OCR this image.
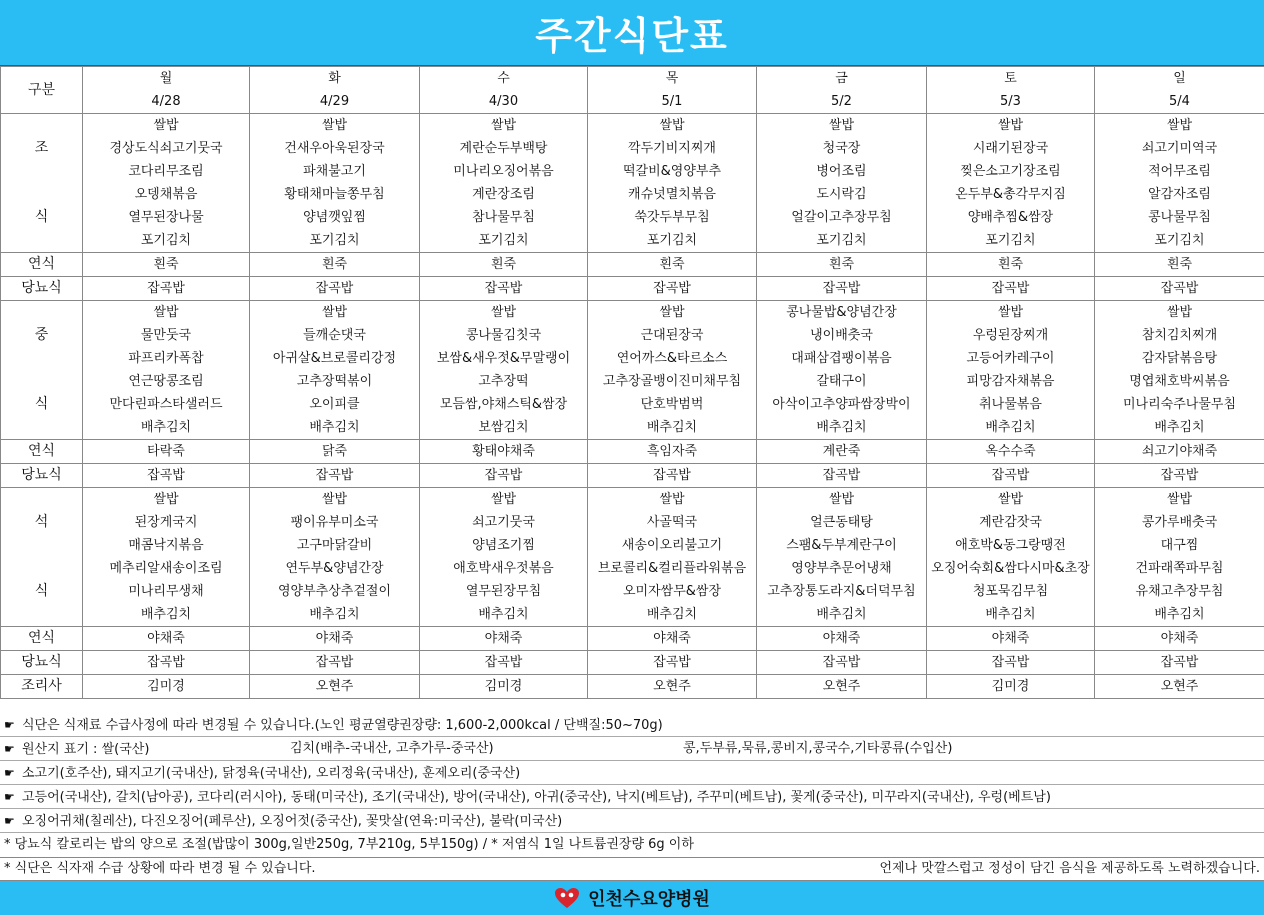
주간식단표
구분	월	화	수	목	금	토	일
	4/28	4/29	4/30	5/1	5/2	5/3	5/4
조	쌀밥	쌀밥	쌀밥	쌀밥	쌀밥	쌀밥	쌀밥
	경상도식쇠고기뭇국	건새우아욱된장국	계란순두부백탕	깍두기비지찌개	청국장	시래기된장국	쇠고기미역국
	코다리무조림	파채불고기	미나리오징어볶음	떡갈비&영양부추	병어조림	찢은소고기장조림	적어무조림
식	오뎅채볶음	황태채마늘쫑무침	계란장조림	캐슈넛멸치볶음	도시락김	온두부&총각무지짐	알감자조림
	열무된장나물	양념깻잎찜	참나물무침	쑥갓두부무침	얼갈이고추장무침	양배추찜&쌈장	콩나물무침
	포기김치	포기김치	포기김치	포기김치	포기김치	포기김치	포기김치
연식	흰죽	흰죽	흰죽	흰죽	흰죽	흰죽	흰죽
당뇨식	잡곡밥	잡곡밥	잡곡밥	잡곡밥	잡곡밥	잡곡밥	잡곡밥
중	쌀밥	쌀밥	쌀밥	쌀밥	콩나물밥&양념간장	쌀밥	쌀밥
	물만둣국	들깨순댓국	콩나물김칫국	근대된장국	냉이배춧국	우렁된장찌개	참치김치찌개
	파프리카폭찹	아귀살&브로콜리강정	보쌈&새우젓&무말랭이	연어까스&타르소스	대패삼겹팽이볶음	고등어카레구이	감자닭볶음탕
식	연근땅콩조림	고추장떡볶이	고추장떡	고추장골뱅이진미채무침	갈태구이	피망감자채볶음	명엽채호박씨볶음
	만다린파스타샐러드	오이피클	모듬쌈,야채스틱&쌈장	단호박범벅	아삭이고추양파쌈장박이	취나물볶음	미나리숙주나물무침
	배추김치	배추김치	보쌈김치	배추김치	배추김치	배추김치	배추김치
연식	타락죽	닭죽	황태야채죽	흑임자죽	계란죽	옥수수죽	쇠고기야채죽
당뇨식	잡곡밥	잡곡밥	잡곡밥	잡곡밥	잡곡밥	잡곡밥	잡곡밥
석	쌀밥	쌀밥	쌀밥	쌀밥	쌀밥	쌀밥	쌀밥
	된장게국지	팽이유부미소국	쇠고기뭇국	사골떡국	얼큰동태탕	계란감잣국	콩가루배춧국
	매콤낙지볶음	고구마닭갈비	양념조기찜	새송이오리불고기	스팸&두부계란구이	애호박&동그랑땡전	대구찜
식	메추리알새송이조림	연두부&양념간장	애호박새우젓볶음	브로콜리&컬리플라워볶음	영양부추문어냉채	오징어숙회&쌈다시마&초장	건파래쪽파무침
	미나리무생채	영양부추상추겉절이	열무된장무침	오미자쌈무&쌈장	고추장통도라지&더덕무침	청포묵김무침	유채고추장무침
	배추김치	배추김치	배추김치	배추김치	배추김치	배추김치	배추김치
연식	야채죽	야채죽	야채죽	야채죽	야채죽	야채죽	야채죽
당뇨식	잡곡밥	잡곡밥	잡곡밥	잡곡밥	잡곡밥	잡곡밥	잡곡밥
조리사	김미경	오현주	김미경	오현주	오현주	김미경	오현주
☛ 식단은 식재료 수급사정에 따라 변경될 수 있습니다.(노인 평균열량권장량: 1,600-2,000kcal / 단백질:50~70g)
☛ 원산지 표기 : 쌀(국산)	김치(배추-국내산, 고추가루-중국산)	콩,두부류,묵류,콩비지,콩국수,기타콩류(수입산)
☛ 소고기(호주산), 돼지고기(국내산), 닭정육(국내산), 오리정육(국내산), 훈제오리(중국산)
☛ 고등어(국내산), 갈치(남아공), 코다리(러시아), 동태(미국산), 조기(국내산), 방어(국내산), 아귀(중국산), 낙지(베트남), 주꾸미(베트남), 꽃게(중국산), 미꾸라지(국내산), 우렁(베트남)
☛ 오징어귀채(칠레산), 다진오징어(페루산), 오징어젓(중국산), 꽃맛살(연육:미국산), 불락(미국산)
* 당뇨식 칼로리는 밥의 양으로 조절(밥많이 300g,일반250g, 7부210g, 5부150g) / * 저염식 1일 나트륨권장량 6g 이하
* 식단은 식자재 수급 상황에 따라 변경 될 수 있습니다.	언제나 맛깔스럽고 정성이 담긴 음식을 제공하도록 노력하겠습니다.
인천수요양병원
